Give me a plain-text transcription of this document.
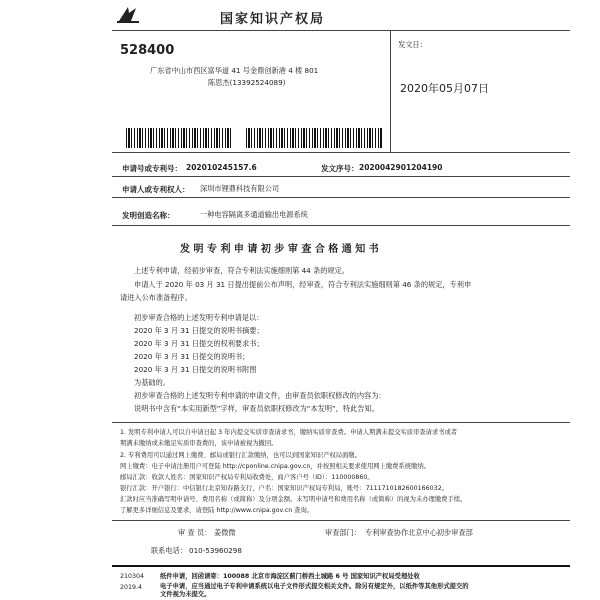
国家知识产权局
528400
广东省中山市西区富华道 41 号金鼎创新港 4 楼 801
陈思杰(13392524089)
发文日：
2020年05月07日
申请号或专利号： 202010245157.6	发文序号： 2020042901204190
申请人或专利权人： 深圳市锂鼎科技有限公司
发明创造名称：	一种电容隔离多通道输出电源系统
发 明 专 利 申 请 初 步 审 查 合 格 通 知 书
上述专利申请，经初步审查，符合专利法实施细则第 44 条的规定。
申请人于 2020 年 03 月 31 日提出提前公布声明，经审查，符合专利法实施细则第 46 条的规定，专利申
请进入公布准备程序。
初步审查合格的上述发明专利申请是以：
2020 年 3 月 31 日提交的说明书摘要；
2020 年 3 月 31 日提交的权利要求书；
2020 年 3 月 31 日提交的说明书；
2020 年 3 月 31 日提交的说明书附图
为基础的。
初步审查合格的上述发明专利申请的申请文件，由审查员依职权修改的内容为：
说明书中含有“本实用新型”字样，审查员依职权修改为“本发明”，特此告知。
1. 发明专利申请人可以自申请日起 3 年内提交实质审查请求书，缴纳实质审查费。申请人期满未提交实质审查请求书或者
期满未缴纳或未缴足实质审查费的，该申请被视为撤回。
2. 专利费用可以通过网上缴费、邮局或银行汇款缴纳，也可以到国家知识产权局面缴。
网上缴费：电子申请注册用户可登陆 http://cponline.cnipa.gov.cn，并按照相关要求使用网上缴费系统缴纳。
邮局汇款：收款人姓名：国家知识产权局专利局收费处，商户客户号（ID）：110000860。
银行汇款：开户银行：中信银行北京知春路支行，户名：国家知识产权局专利局，账号：7111710182600166032。
汇款时应当准确写明申请号、费用名称（或简称）及分项金额。未写明申请号和费用名称（或简称）的视为未办理缴费手续。
了解更多详细信息及要求，请登陆 http://www.cnipa.gov.cn 查询。
审 查 员： 姜微微	审查部门： 专利审查协作北京中心初步审查部
联系电话： 010-53960298
210304
2019.4
纸件申请，回函请寄：100088 北京市海淀区蓟门桥西土城路 6 号 国家知识产权局受理处收
电子申请，应当通过电子专利申请系统以电子文件形式提交相关文件。除另有规定外，以纸件等其他形式提交的
文件视为未提交。
